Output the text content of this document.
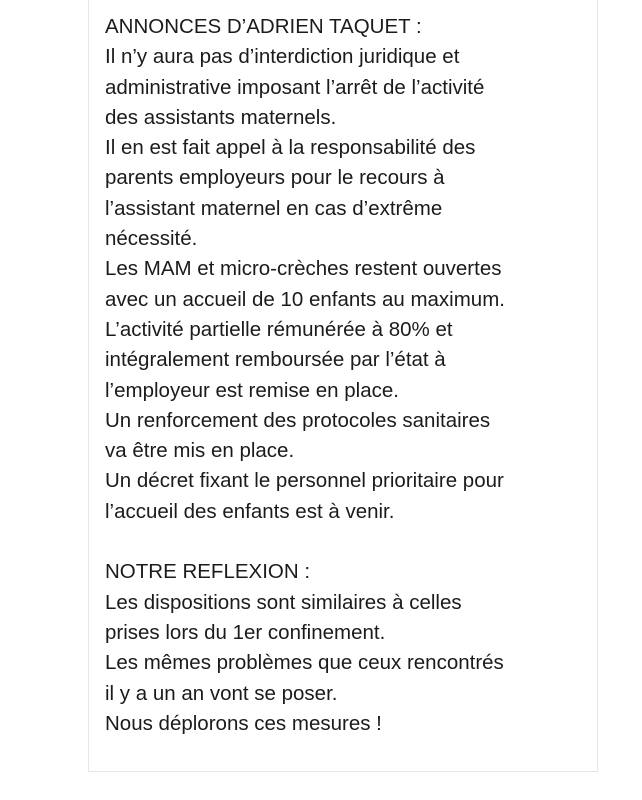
ANNONCES D’ADRIEN TAQUET :
Il n’y aura pas d’interdiction juridique et
administrative imposant l’arrêt de l’activité
des assistants maternels.
Il en est fait appel à la responsabilité des
parents employeurs pour le recours à
l’assistant maternel en cas d’extrême
nécessité.
Les MAM et micro-crèches restent ouvertes
avec un accueil de 10 enfants au maximum.
L’activité partielle rémunérée à 80% et
intégralement remboursée par l’état à
l’employeur est remise en place.
Un renforcement des protocoles sanitaires
va être mis en place.
Un décret fixant le personnel prioritaire pour
l’accueil des enfants est à venir.
NOTRE REFLEXION :
Les dispositions sont similaires à celles
prises lors du 1er confinement.
Les mêmes problèmes que ceux rencontrés
il y a un an vont se poser.
Nous déplorons ces mesures !
